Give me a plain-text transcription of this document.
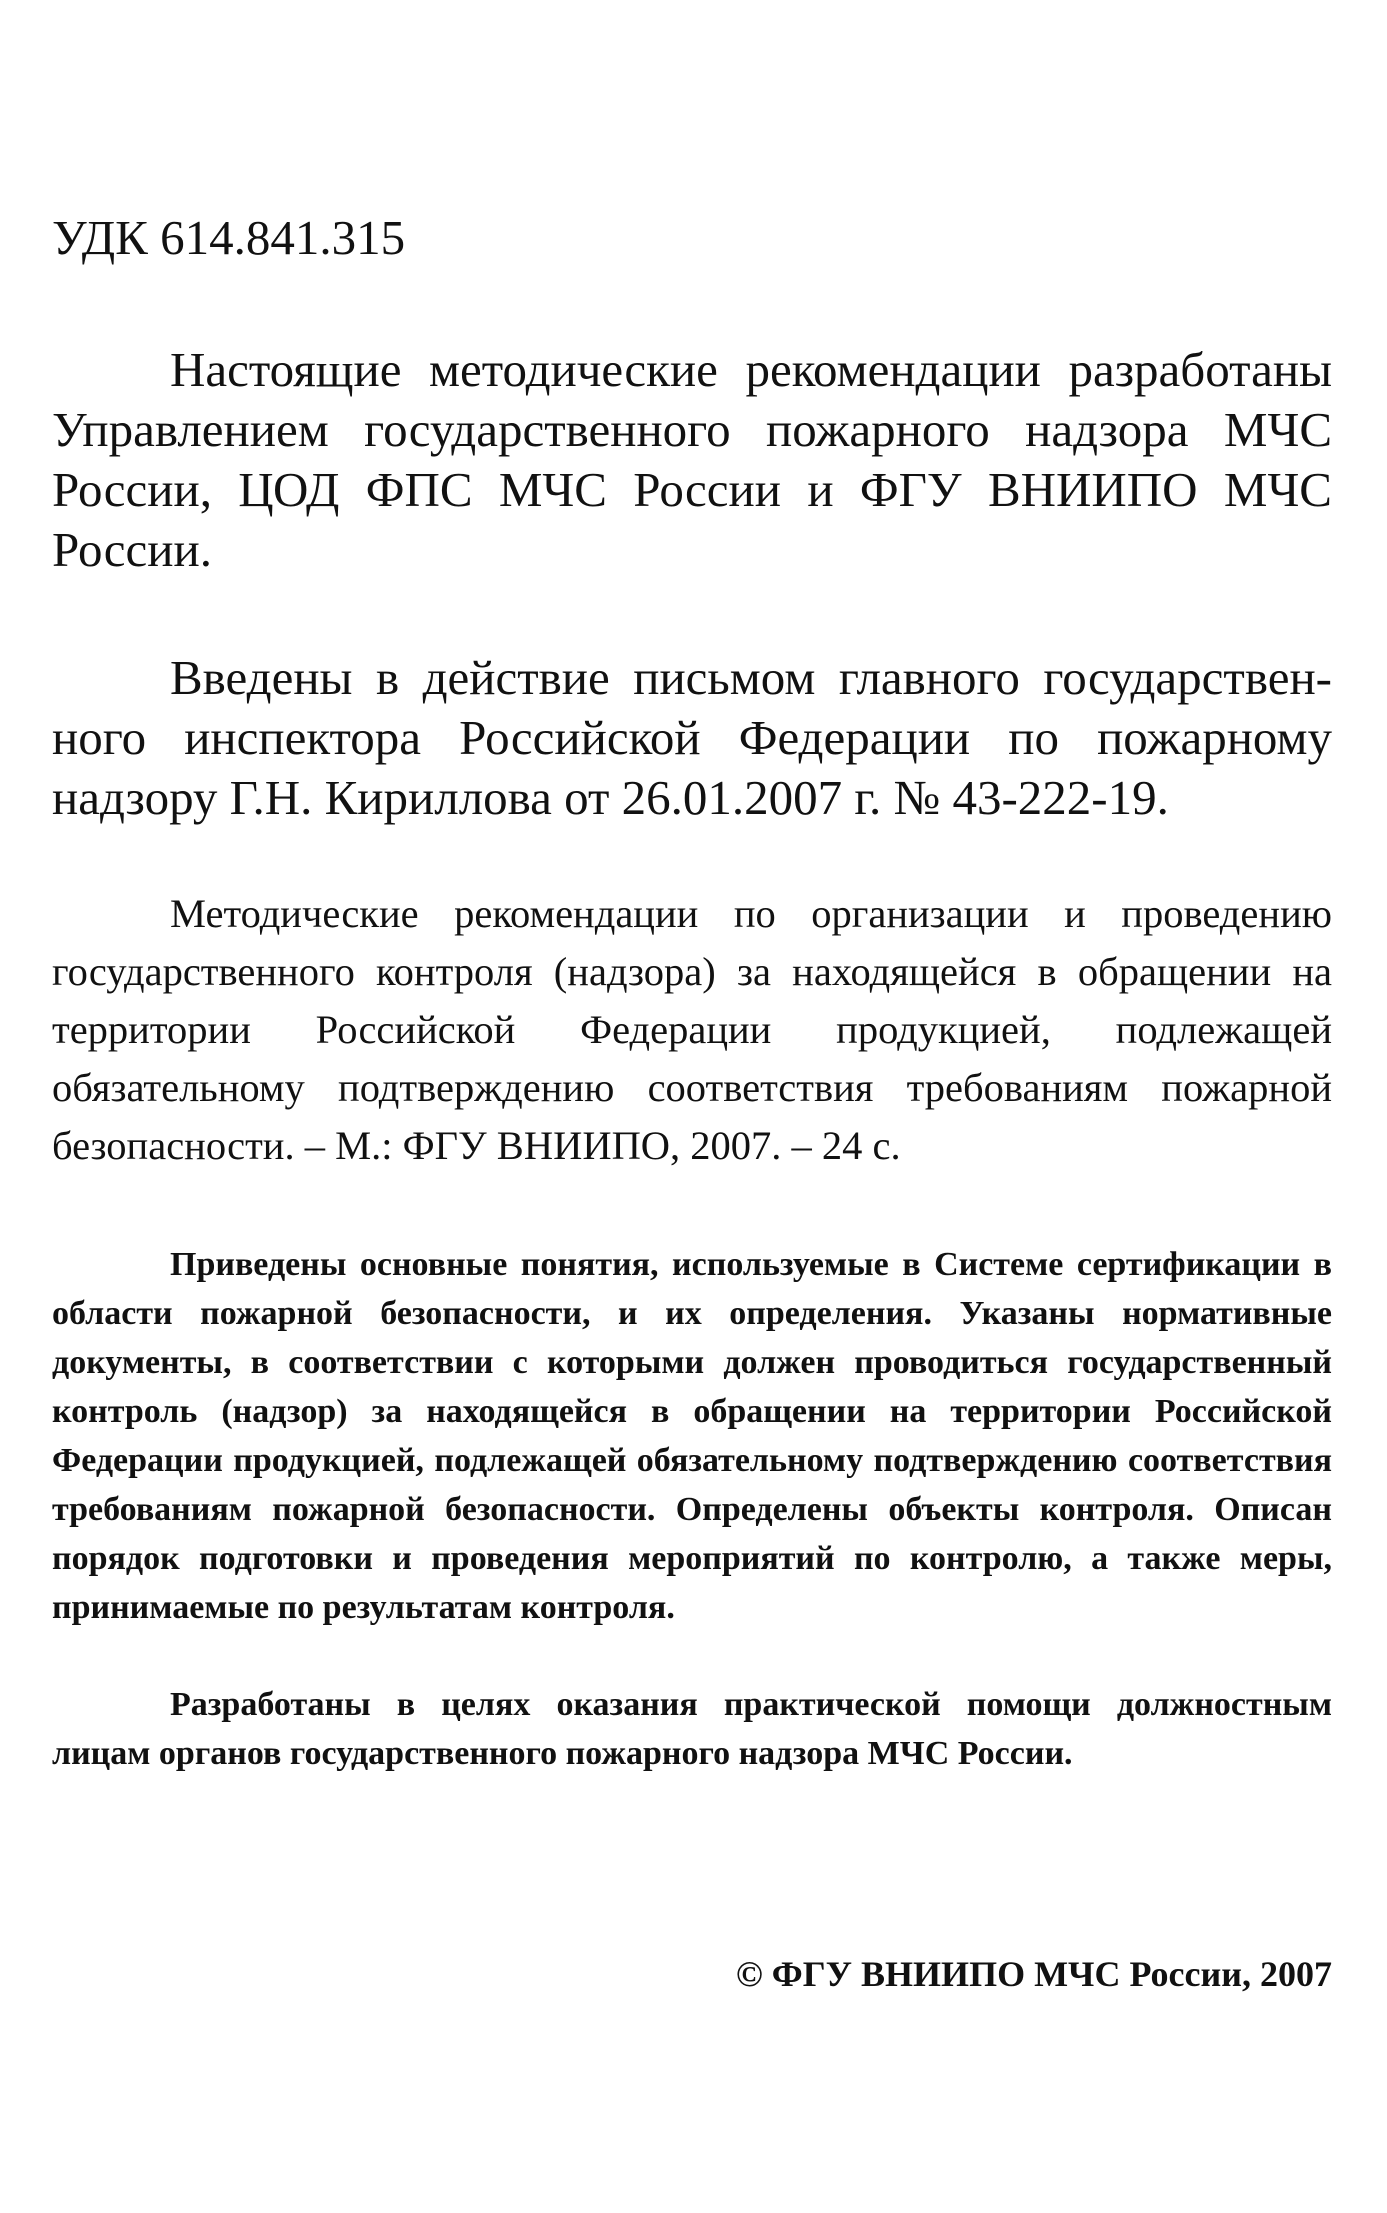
УДК 614.841.315

Настоящие методические рекомендации разработаны Управлением государственного пожарного надзора МЧС России, ЦОД ФПС МЧС России и ФГУ ВНИИПО МЧС России.

Введены в действие письмом главного государственного инспектора Российской Федерации по пожарному надзору Г.Н. Кириллова от 26.01.2007 г. № 43-222-19.

Методические рекомендации по организации и проведению государственного контроля (надзора) за находящейся в обращении на территории Российской Федерации продукцией, подлежащей обязательному подтверждению соответствия требованиям пожарной безопасности. – М.: ФГУ ВНИИПО, 2007. – 24 с.

Приведены основные понятия, используемые в Системе сертификации в области пожарной безопасности, и их определения. Указаны нормативные документы, в соответствии с которыми должен проводиться государственный контроль (надзор) за находящейся в обращении на территории Российской Федерации продукцией, подлежащей обязательному подтверждению соответствия требованиям пожарной безопасности. Определены объекты контроля. Описан порядок подготовки и проведения мероприятий по контролю, а также меры, принимаемые по результатам контроля.

Разработаны в целях оказания практической помощи должностным лицам органов государственного пожарного надзора МЧС России.

© ФГУ ВНИИПО МЧС России, 2007
